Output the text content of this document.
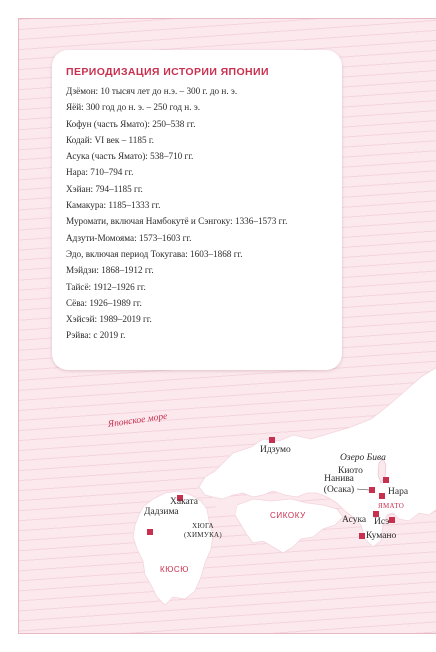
ПЕРИОДИЗАЦИЯ ИСТОРИИ ЯПОНИИ
Дзёмон: 10 тысяч лет до н.э. – 300 г. до н. э.
Яёй: 300 год до н. э. – 250 год н. э.
Кофун (часть Ямато): 250–538 гг.
Кодай: VI век – 1185 г.
Асука (часть Ямато): 538–710 гг.
Нара: 710–794 гг.
Хэйан: 794–1185 гг.
Камакура: 1185–1333 гг.
Муромати, включая Намбокутё и Сэнгоку: 1336–1573 гг.
Адзути-Момояма: 1573–1603 гг.
Эдо, включая период Токугава: 1603–1868 гг.
Мэйдзи: 1868–1912 гг.
Тайсё: 1912–1926 гг.
Сёва: 1926–1989 гг.
Хэйсэй: 1989–2019 гг.
Рэйва: с 2019 г.
Японское море
Идзумо
Озеро Бива
Киото
Нанива (Осака)	Нара
ЯМАТО
Асука Исэ
Кумано
Хаката
Дадзима
ХЮГА (ХИМУКА)
СИКОКУ
КЮСЮ
